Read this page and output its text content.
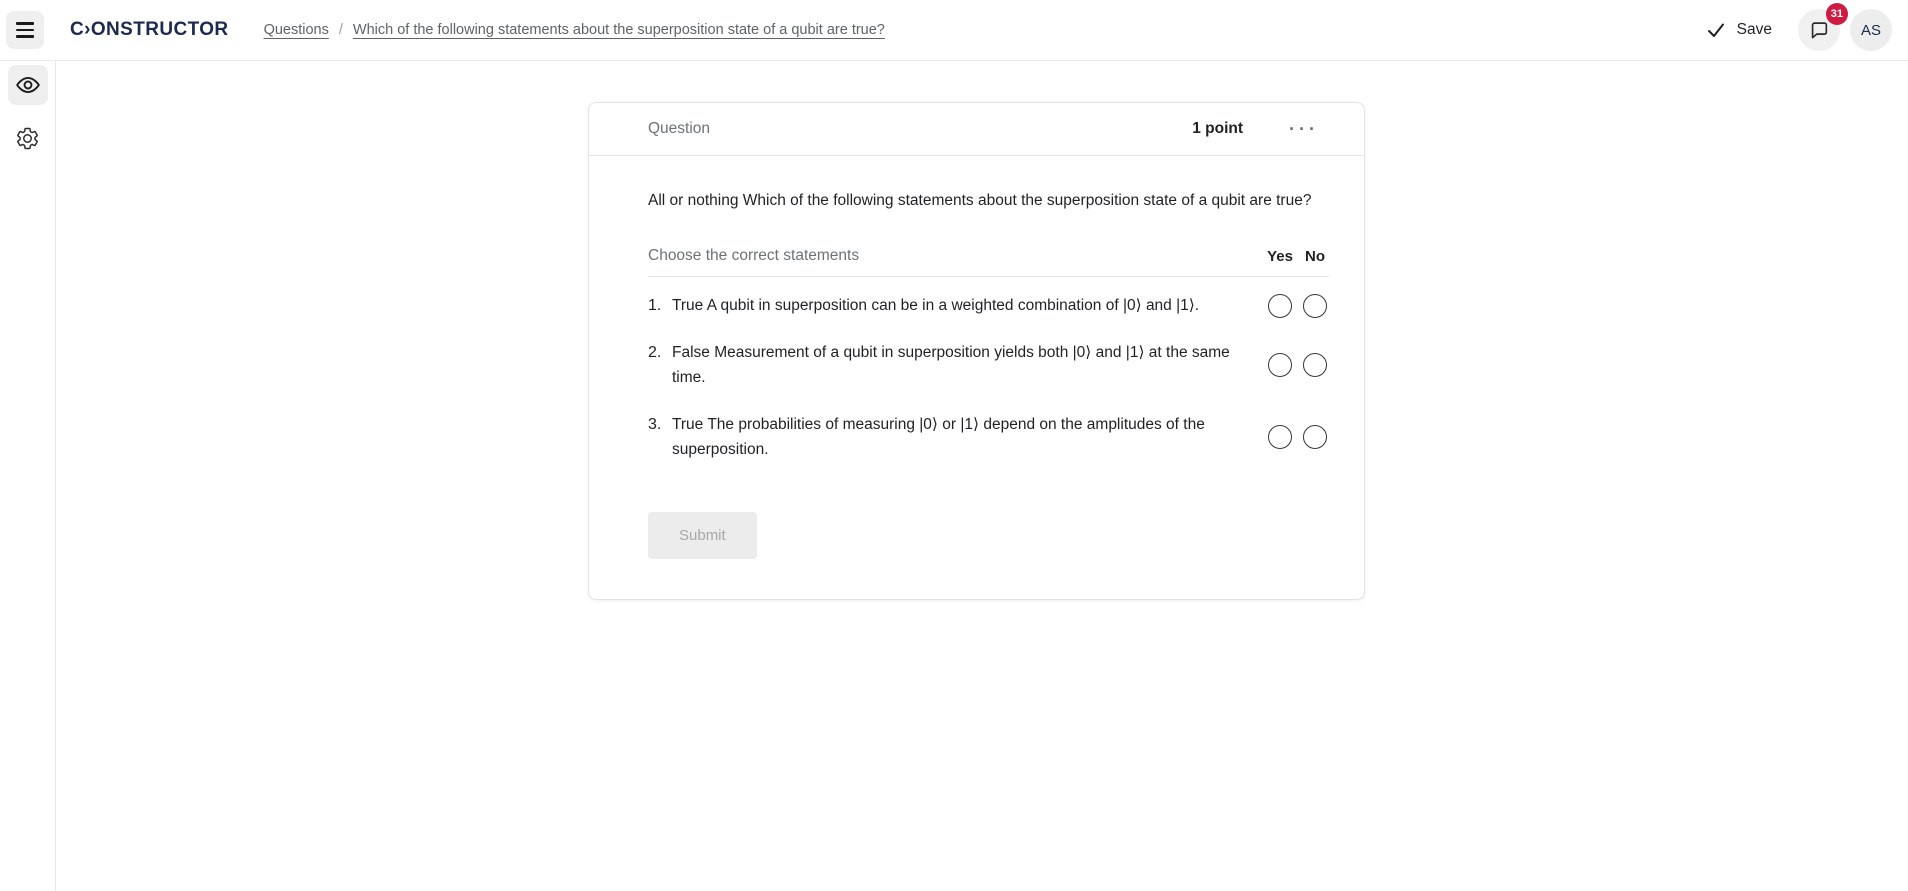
C›ONSTRUCTOR Questions / Which of the following statements about the superposition state of a qubit are true?	Save
31
AS
Question	1 point	···

All or nothing Which of the following statements about the superposition state of a qubit are true?

Choose the correct statements	Yes No
1. True A qubit in superposition can be in a weighted combination of |0⟩ and |1⟩.
2. False Measurement of a qubit in superposition yields both |0⟩ and |1⟩ at the same time.
3. True The probabilities of measuring |0⟩ or |1⟩ depend on the amplitudes of the superposition.
Submit
